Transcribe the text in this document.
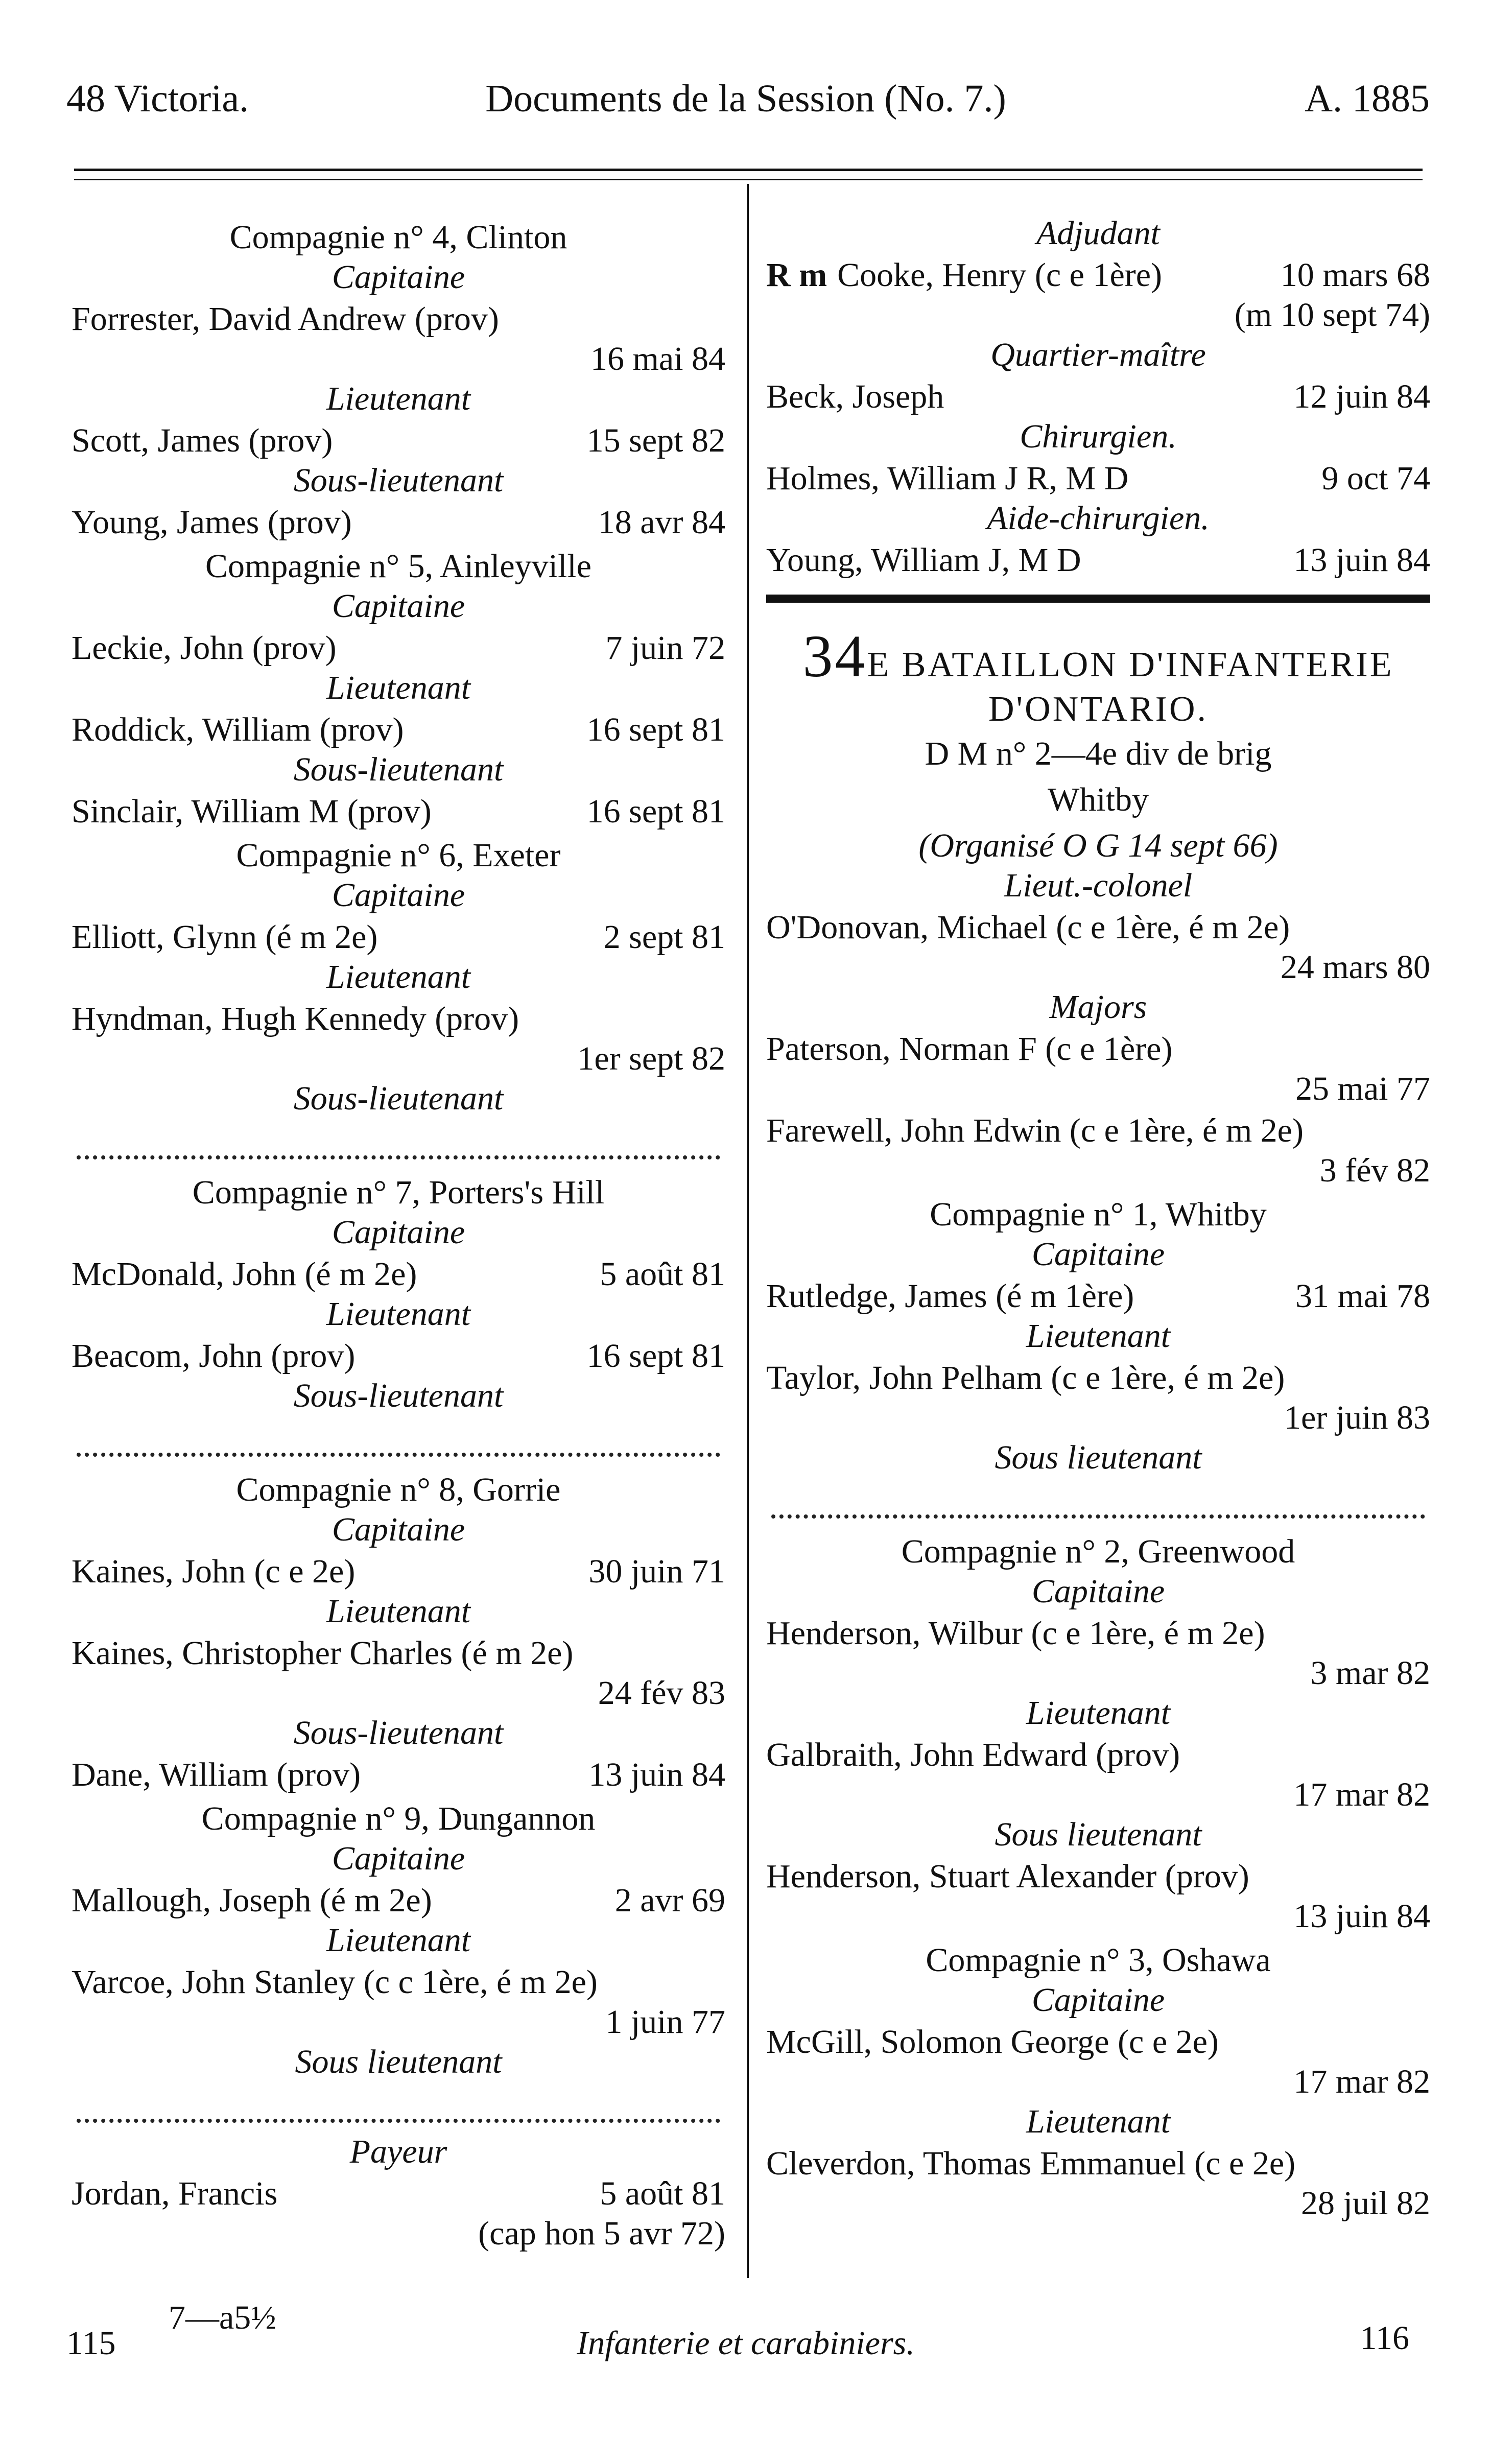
48 Victoria.	Documents de la Session (No. 7.)	A. 1885
Compagnie n° 4, Clinton
Capitaine
Forrester, David Andrew (prov)
16 mai 84
Lieutenant
Scott, James (prov)	15 sept 82
Sous-lieutenant
Young, James (prov)	18 avr 84
Compagnie n° 5, Ainleyville
Capitaine
Leckie, John (prov)	7 juin 72
Lieutenant
Roddick, William (prov)	16 sept 81
Sous-lieutenant
Sinclair, William M (prov)	16 sept 81
Compagnie n° 6, Exeter
Capitaine
Elliott, Glynn (é m 2e)	2 sept 81
Lieutenant
Hyndman, Hugh Kennedy (prov)
1er sept 82
Sous-lieutenant
Compagnie n° 7, Porters's Hill
Capitaine
McDonald, John (é m 2e)	5 août 81
Lieutenant
Beacom, John (prov)	16 sept 81
Sous-lieutenant
Compagnie n° 8, Gorrie
Capitaine
Kaines, John (c e 2e)	30 juin 71
Lieutenant
Kaines, Christopher Charles (é m 2e)
24 fév 83
Sous-lieutenant
Dane, William (prov)	13 juin 84
Compagnie n° 9, Dungannon
Capitaine
Mallough, Joseph (é m 2e)	2 avr 69
Lieutenant
Varcoe, John Stanley (c c 1ère, é m 2e)
1 juin 77
Sous lieutenant
Payeur
Jordan, Francis	5 août 81
(cap hon 5 avr 72)
Adjudant
R m Cooke, Henry (c e 1ère)	10 mars 68
(m 10 sept 74)
Quartier-maître
Beck, Joseph	12 juin 84
Chirurgien.
Holmes, William J R, M D	9 oct 74
Aide-chirurgien.
Young, William J, M D	13 juin 84
34E BATAILLON D'INFANTERIE
D'ONTARIO.
D M n° 2—4e div de brig
Whitby
(Organisé O G 14 sept 66)
Lieut.-colonel
O'Donovan, Michael (c e 1ère, é m 2e)
24 mars 80
Majors
Paterson, Norman F (c e 1ère)
25 mai 77
Farewell, John Edwin (c e 1ère, é m 2e)
3 fév 82
Compagnie n° 1, Whitby
Capitaine
Rutledge, James (é m 1ère)	31 mai 78
Lieutenant
Taylor, John Pelham (c e 1ère, é m 2e)
1er juin 83
Sous lieutenant
Compagnie n° 2, Greenwood
Capitaine
Henderson, Wilbur (c e 1ère, é m 2e)
3 mar 82
Lieutenant
Galbraith, John Edward (prov)
17 mar 82
Sous lieutenant
Henderson, Stuart Alexander (prov)
13 juin 84
Compagnie n° 3, Oshawa
Capitaine
McGill, Solomon George (c e 2e)
17 mar 82
Lieutenant
Cleverdon, Thomas Emmanuel (c e 2e)
28 juil 82
115
7—a5½
Infanterie et carabiniers.	116
